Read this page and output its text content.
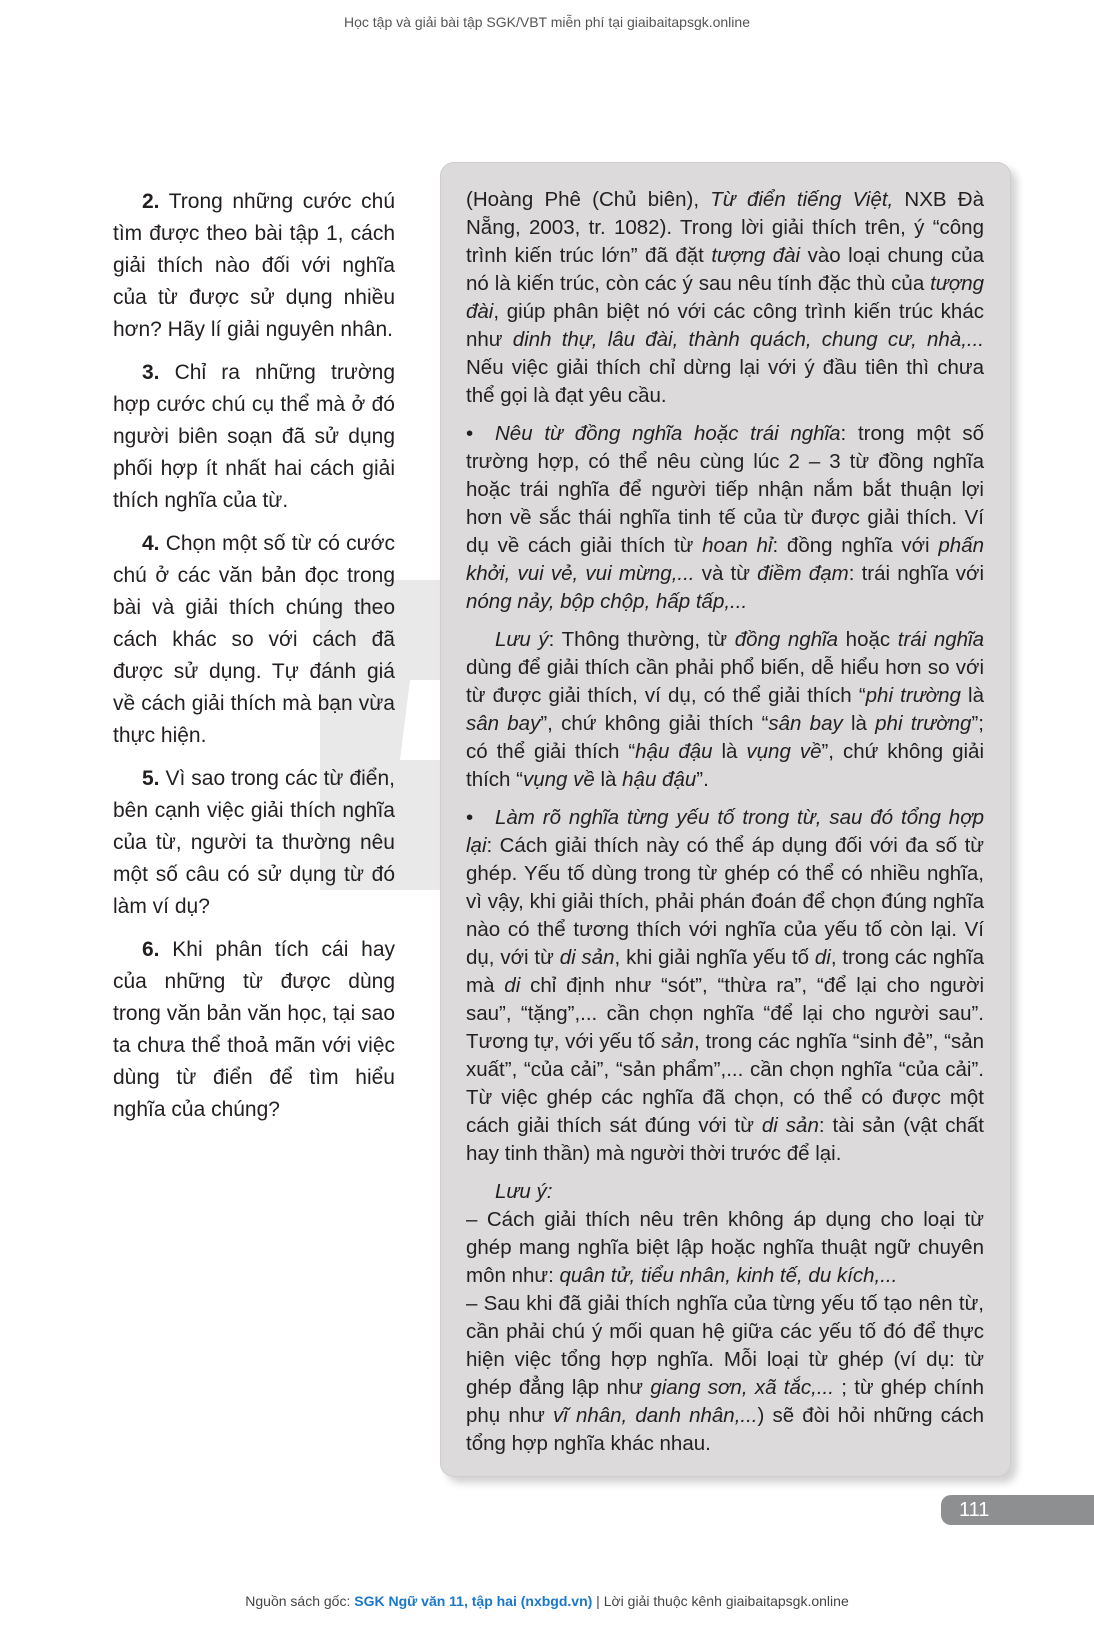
Học tập và giải bài tập SGK/VBT miễn phí tại giaibaitapsgk.online

2. Trong những cước chú tìm được theo bài tập 1, cách giải thích nào đối với nghĩa của từ được sử dụng nhiều hơn? Hãy lí giải nguyên nhân.

3. Chỉ ra những trường hợp cước chú cụ thể mà ở đó người biên soạn đã sử dụng phối hợp ít nhất hai cách giải thích nghĩa của từ.

4. Chọn một số từ có cước chú ở các văn bản đọc trong bài và giải thích chúng theo cách khác so với cách đã được sử dụng. Tự đánh giá về cách giải thích mà bạn vừa thực hiện.

5. Vì sao trong các từ điển, bên cạnh việc giải thích nghĩa của từ, người ta thường nêu một số câu có sử dụng từ đó làm ví dụ?

6. Khi phân tích cái hay của những từ được dùng trong văn bản văn học, tại sao ta chưa thể thoả mãn với việc dùng từ điển để tìm hiểu nghĩa của chúng?

(Hoàng Phê (Chủ biên), Từ điển tiếng Việt, NXB Đà Nẵng, 2003, tr. 1082). Trong lời giải thích trên, ý “công trình kiến trúc lớn” đã đặt tượng đài vào loại chung của nó là kiến trúc, còn các ý sau nêu tính đặc thù của tượng đài, giúp phân biệt nó với các công trình kiến trúc khác như dinh thự, lâu đài, thành quách, chung cư, nhà,... Nếu việc giải thích chỉ dừng lại với ý đầu tiên thì chưa thể gọi là đạt yêu cầu.

• Nêu từ đồng nghĩa hoặc trái nghĩa: trong một số trường hợp, có thể nêu cùng lúc 2 – 3 từ đồng nghĩa hoặc trái nghĩa để người tiếp nhận nắm bắt thuận lợi hơn về sắc thái nghĩa tinh tế của từ được giải thích. Ví dụ về cách giải thích từ hoan hỉ: đồng nghĩa với phấn khởi, vui vẻ, vui mừng,... và từ điềm đạm: trái nghĩa với nóng nảy, bộp chộp, hấp tấp,...

Lưu ý: Thông thường, từ đồng nghĩa hoặc trái nghĩa dùng để giải thích cần phải phổ biến, dễ hiểu hơn so với từ được giải thích, ví dụ, có thể giải thích “phi trường là sân bay”, chứ không giải thích “sân bay là phi trường”; có thể giải thích “hậu đậu là vụng về”, chứ không giải thích “vụng về là hậu đậu”.

• Làm rõ nghĩa từng yếu tố trong từ, sau đó tổng hợp lại: Cách giải thích này có thể áp dụng đối với đa số từ ghép. Yếu tố dùng trong từ ghép có thể có nhiều nghĩa, vì vậy, khi giải thích, phải phán đoán để chọn đúng nghĩa nào có thể tương thích với nghĩa của yếu tố còn lại. Ví dụ, với từ di sản, khi giải nghĩa yếu tố di, trong các nghĩa mà di chỉ định như “sót”, “thừa ra”, “để lại cho người sau”, “tặng”,... cần chọn nghĩa “để lại cho người sau”. Tương tự, với yếu tố sản, trong các nghĩa “sinh đẻ”, “sản xuất”, “của cải”, “sản phẩm”,... cần chọn nghĩa “của cải”. Từ việc ghép các nghĩa đã chọn, có thể có được một cách giải thích sát đúng với từ di sản: tài sản (vật chất hay tinh thần) mà người thời trước để lại.

Lưu ý:

– Cách giải thích nêu trên không áp dụng cho loại từ ghép mang nghĩa biệt lập hoặc nghĩa thuật ngữ chuyên môn như: quân tử, tiểu nhân, kinh tế, du kích,...

– Sau khi đã giải thích nghĩa của từng yếu tố tạo nên từ, cần phải chú ý mối quan hệ giữa các yếu tố đó để thực hiện việc tổng hợp nghĩa. Mỗi loại từ ghép (ví dụ: từ ghép đẳng lập như giang sơn, xã tắc,... ; từ ghép chính phụ như vĩ nhân, danh nhân,...) sẽ đòi hỏi những cách tổng hợp nghĩa khác nhau.

111
Nguồn sách gốc: SGK Ngữ văn 11, tập hai (nxbgd.vn) | Lời giải thuộc kênh giaibaitapsgk.online
